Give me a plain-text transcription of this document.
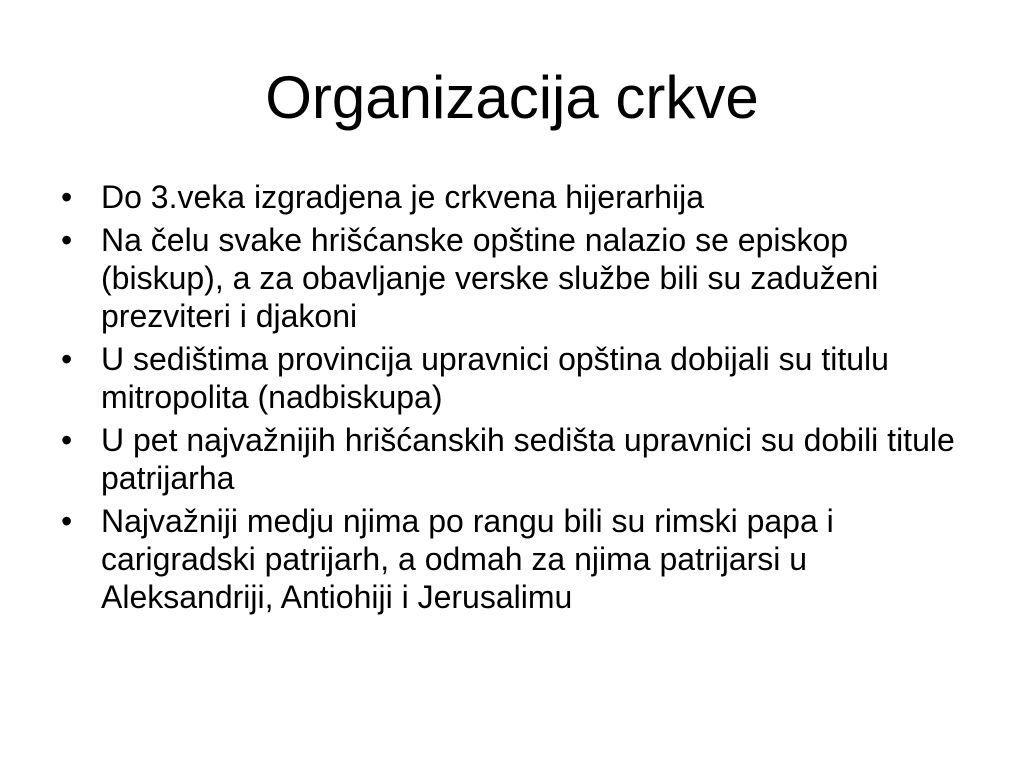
Organizacija crkve
• Do 3.veka izgradjena je crkvena hijerarhija
• Na čelu svake hrišćanske opštine nalazio se episkop (biskup), a za obavljanje verske službe bili su zaduženi prezviteri i djakoni
• U sedištima provincija upravnici opština dobijali su titulu mitropolita (nadbiskupa)
• U pet najvažnijih hrišćanskih sedišta upravnici su dobili titule patrijarha
• Najvažniji medju njima po rangu bili su rimski papa i carigradski patrijarh, a odmah za njima patrijarsi u Aleksandriji, Antiohiji i Jerusalimu
